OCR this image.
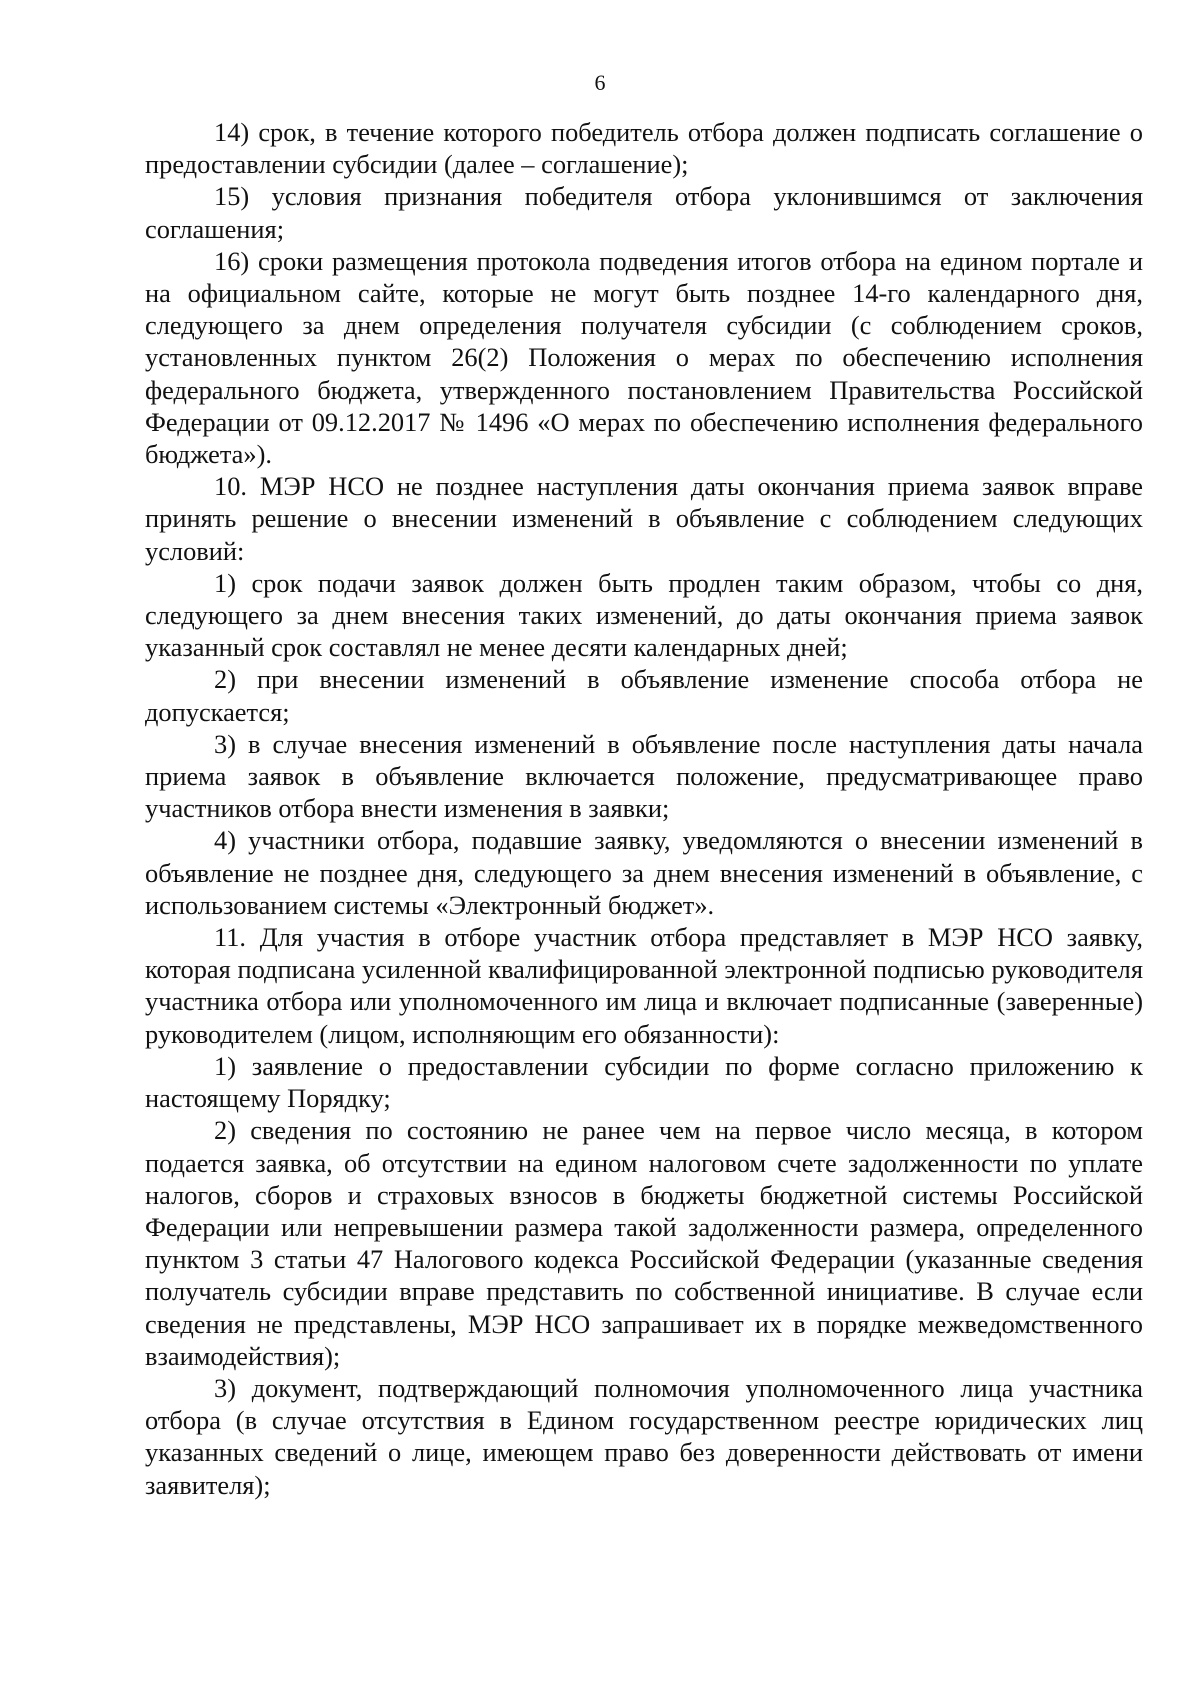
6

14) срок, в течение которого победитель отбора должен подписать соглашение о предоставлении субсидии (далее – соглашение);

15) условия признания победителя отбора уклонившимся от заключения соглашения;

16) сроки размещения протокола подведения итогов отбора на едином портале и на официальном сайте, которые не могут быть позднее 14-го календарного дня, следующего за днем определения получателя субсидии (с соблюдением сроков, установленных пунктом 26(2) Положения о мерах по обеспечению исполнения федерального бюджета, утвержденного постановлением Правительства Российской Федерации от 09.12.2017 № 1496 «О мерах по обеспечению исполнения федерального бюджета»).

10. МЭР НСО не позднее наступления даты окончания приема заявок вправе принять решение о внесении изменений в объявление с соблюдением следующих условий:

1) срок подачи заявок должен быть продлен таким образом, чтобы со дня, следующего за днем внесения таких изменений, до даты окончания приема заявок указанный срок составлял не менее десяти календарных дней;

2) при внесении изменений в объявление изменение способа отбора не допускается;

3) в случае внесения изменений в объявление после наступления даты начала приема заявок в объявление включается положение, предусматривающее право участников отбора внести изменения в заявки;

4) участники отбора, подавшие заявку, уведомляются о внесении изменений в объявление не позднее дня, следующего за днем внесения изменений в объявление, с использованием системы «Электронный бюджет».

11. Для участия в отборе участник отбора представляет в МЭР НСО заявку, которая подписана усиленной квалифицированной электронной подписью руководителя участника отбора или уполномоченного им лица и включает подписанные (заверенные) руководителем (лицом, исполняющим его обязанности):

1) заявление о предоставлении субсидии по форме согласно приложению к настоящему Порядку;

2) сведения по состоянию не ранее чем на первое число месяца, в котором подается заявка, об отсутствии на едином налоговом счете задолженности по уплате налогов, сборов и страховых взносов в бюджеты бюджетной системы Российской Федерации или непревышении размера такой задолженности размера, определенного пунктом 3 статьи 47 Налогового кодекса Российской Федерации (указанные сведения получатель субсидии вправе представить по собственной инициативе. В случае если сведения не представлены, МЭР НСО запрашивает их в порядке межведомственного взаимодействия);

3) документ, подтверждающий полномочия уполномоченного лица участника отбора (в случае отсутствия в Едином государственном реестре юридических лиц указанных сведений о лице, имеющем право без доверенности действовать от имени заявителя);
